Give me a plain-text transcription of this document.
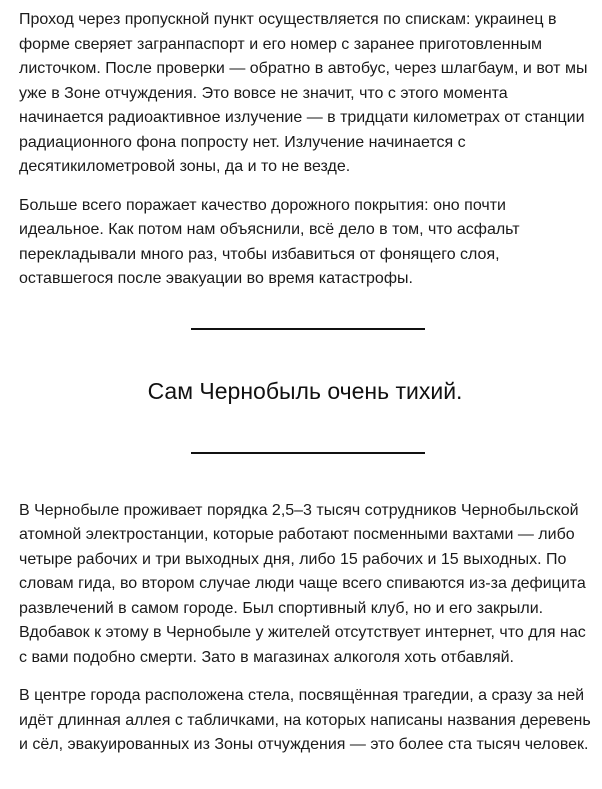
Проход через пропускной пункт осуществляется по спискам: украинец в форме сверяет загранпаспорт и его номер с заранее приготовленным листочком. После проверки — обратно в автобус, через шлагбаум, и вот мы уже в Зоне отчуждения. Это вовсе не значит, что с этого момента начинается радиоактивное излучение — в тридцати километрах от станции радиационного фона попросту нет. Излучение начинается с десятикилометровой зоны, да и то не везде.

Больше всего поражает качество дорожного покрытия: оно почти идеальное. Как потом нам объяснили, всё дело в том, что асфальт перекладывали много раз, чтобы избавиться от фонящего слоя, оставшегося после эвакуации во время катастрофы.

Сам Чернобыль очень тихий.

В Чернобыле проживает порядка 2,5–3 тысяч сотрудников Чернобыльской атомной электростанции, которые работают посменными вахтами — либо четыре рабочих и три выходных дня, либо 15 рабочих и 15 выходных. По словам гида, во втором случае люди чаще всего спиваются из-за дефицита развлечений в самом городе. Был спортивный клуб, но и его закрыли. Вдобавок к этому в Чернобыле у жителей отсутствует интернет, что для нас с вами подобно смерти. Зато в магазинах алкоголя хоть отбавляй.

В центре города расположена стела, посвящённая трагедии, а сразу за ней идёт длинная аллея с табличками, на которых написаны названия деревень и сёл, эвакуированных из Зоны отчуждения — это более ста тысяч человек.
